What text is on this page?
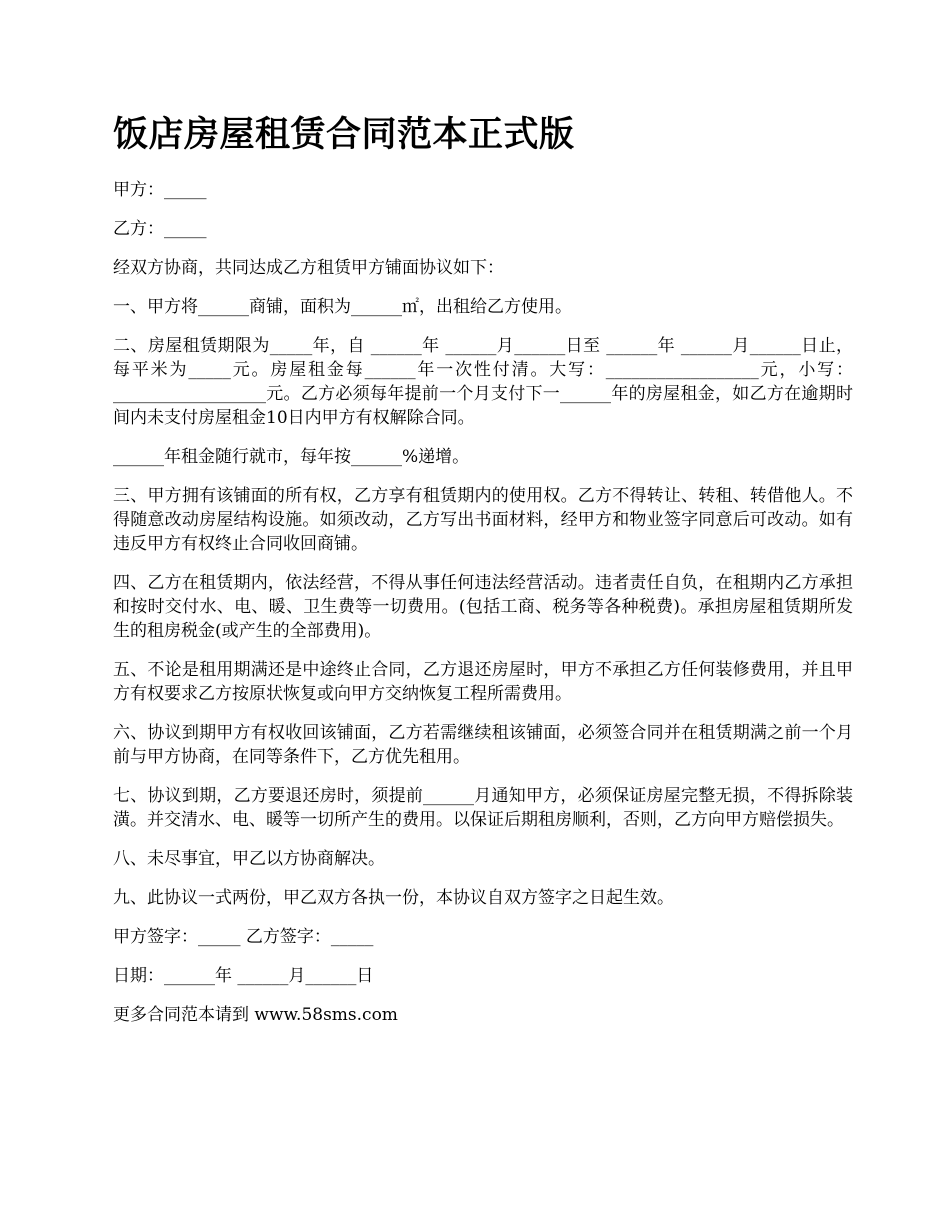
饭店房屋租赁合同范本正式版

甲方：_____

乙方：_____

经双方协商，共同达成乙方租赁甲方铺面协议如下：

一、甲方将______商铺，面积为______㎡，出租给乙方使用。

二、房屋租赁期限为_____年，自 ______年 ______月______日至 ______年 ______月______日止，每平米为_____元。房屋租金每______年一次性付清。大写：__________________元，小写：__________________元。乙方必须每年提前一个月支付下一______年的房屋租金，如乙方在逾期时间内未支付房屋租金10日内甲方有权解除合同。

______年租金随行就市，每年按______%递增。

三、甲方拥有该铺面的所有权，乙方享有租赁期内的使用权。乙方不得转让、转租、转借他人。不得随意改动房屋结构设施。如须改动，乙方写出书面材料，经甲方和物业签字同意后可改动。如有违反甲方有权终止合同收回商铺。

四、乙方在租赁期内，依法经营，不得从事任何违法经营活动。违者责任自负，在租期内乙方承担和按时交付水、电、暖、卫生费等一切费用。(包括工商、税务等各种税费)。承担房屋租赁期所发生的租房税金(或产生的全部费用)。

五、不论是租用期满还是中途终止合同，乙方退还房屋时，甲方不承担乙方任何装修费用，并且甲方有权要求乙方按原状恢复或向甲方交纳恢复工程所需费用。

六、协议到期甲方有权收回该铺面，乙方若需继续租该铺面，必须签合同并在租赁期满之前一个月前与甲方协商，在同等条件下，乙方优先租用。

七、协议到期，乙方要退还房时，须提前______月通知甲方，必须保证房屋完整无损，不得拆除装潢。并交清水、电、暖等一切所产生的费用。以保证后期租房顺利，否则，乙方向甲方赔偿损失。

八、未尽事宜，甲乙以方协商解决。

九、此协议一式两份，甲乙双方各执一份，本协议自双方签字之日起生效。

甲方签字：_____ 乙方签字：_____

日期：______年 ______月______日

更多合同范本请到 www.58sms.com
